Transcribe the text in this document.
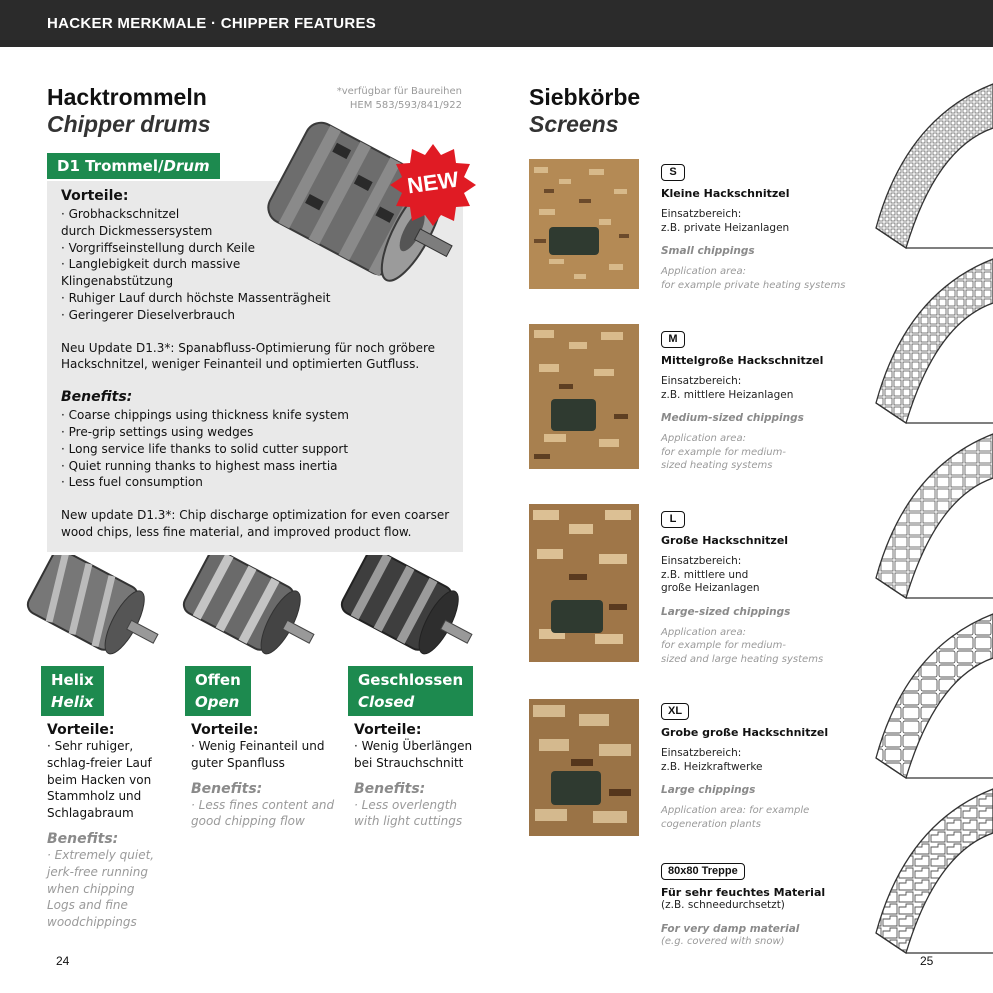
HACKER MERKMALE · CHIPPER FEATURES
Hacktrommeln
Chipper drums
*verfügbar für Baureihen
HEM 583/593/841/922
NEW
D1 Trommel/Drum
Vorteile:
· Grobhackschnitzel
durch Dickmessersystem
· Vorgriffseinstellung durch Keile
· Langlebigkeit durch massive
Klingenabstützung
· Ruhiger Lauf durch höchste Massenträgheit
· Geringerer Dieselverbrauch
Neu Update D1.3*: Spanabfluss-Optimierung für noch gröbere Hackschnitzel, weniger Feinanteil und optimierten Gutfluss.
Benefits:
· Coarse chippings using thickness knife system
· Pre-grip settings using wedges
· Long service life thanks to solid cutter support
· Quiet running thanks to highest mass inertia
· Less fuel consumption
New update D1.3*: Chip discharge optimization for even coarser wood chips, less fine material, and improved product flow.
Helix
Helix
Offen
Open
Geschlossen
Closed
Vorteile:
· Sehr ruhiger,
schlag-freier Lauf
beim Hacken von
Stammholz und
Schlagabraum
Benefits:
· Extremely quiet,
jerk-free running
when chipping
Logs and fine
woodchippings
Vorteile:
· Wenig Feinanteil und
guter Spanfluss
Benefits:
· Less fines content and
good chipping flow
Vorteile:
· Wenig Überlängen
bei Strauchschnitt
Benefits:
· Less overlength
with light cuttings
24
Siebkörbe
Screens
S
Kleine Hackschnitzel
Einsatzbereich:
z.B. private Heizanlagen
Small chippings
Application area:
for example private heating systems
M
Mittelgroße Hackschnitzel
Einsatzbereich:
z.B. mittlere Heizanlagen
Medium-sized chippings
Application area:
for example for medium-
sized heating systems
L
Große Hackschnitzel
Einsatzbereich:
z.B. mittlere und
große Heizanlagen
Large-sized chippings
Application area:
for example for medium-
sized and large heating systems
XL
Grobe große Hackschnitzel
Einsatzbereich:
z.B. Heizkraftwerke
Large chippings
Application area: for example
cogeneration plants
80x80 Treppe
Für sehr feuchtes Material
(z.B. schneedurchsetzt)
For very damp material
(e.g. covered with snow)
25
